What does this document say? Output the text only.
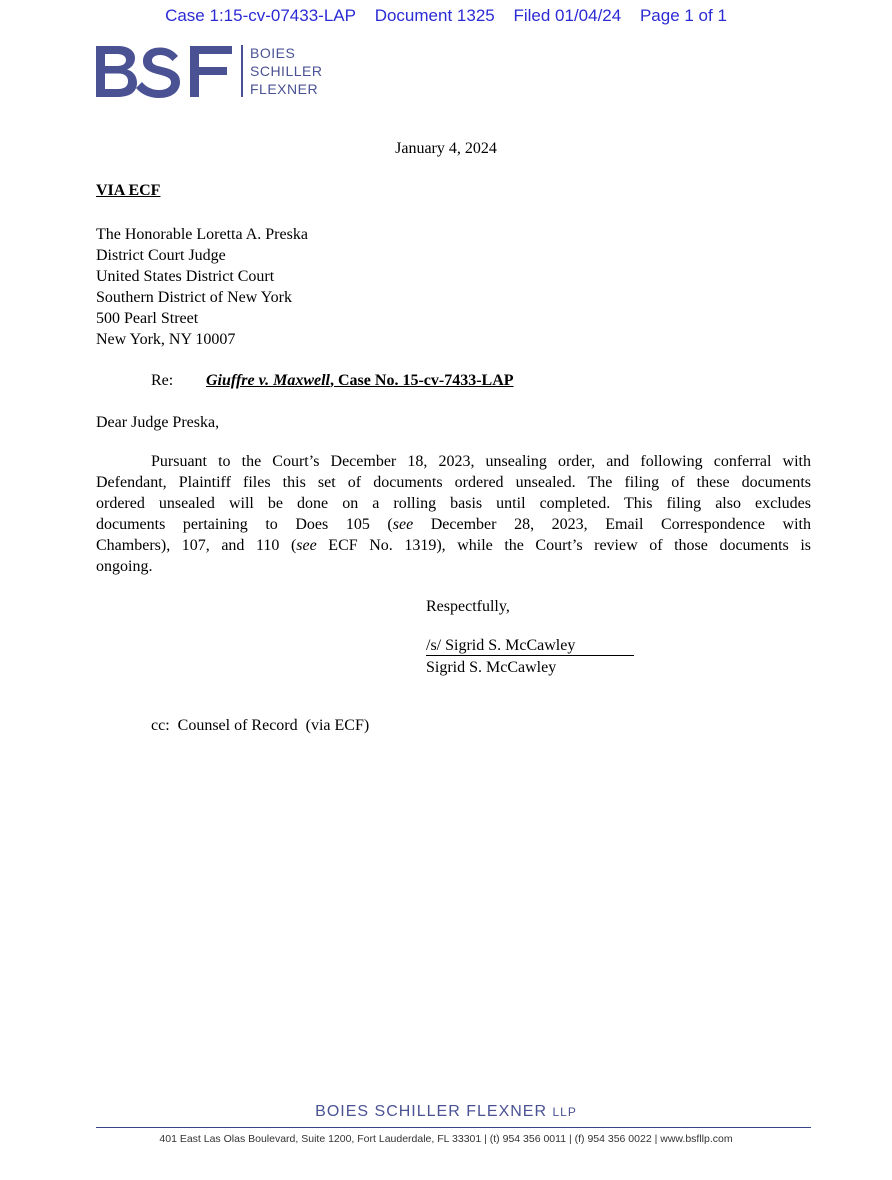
Case 1:15-cv-07433-LAP Document 1325 Filed 01/04/24 Page 1 of 1
BOIES
SCHILLER
FLEXNER
January 4, 2024
VIA ECF
The Honorable Loretta A. Preska
District Court Judge
United States District Court
Southern District of New York
500 Pearl Street
New York, NY 10007
Re: Giuffre v. Maxwell, Case No. 15-cv-7433-LAP
Dear Judge Preska,
Pursuant to the Court’s December 18, 2023, unsealing order, and following conferral with
Defendant, Plaintiff files this set of documents ordered unsealed. The filing of these documents
ordered unsealed will be done on a rolling basis until completed. This filing also excludes
documents pertaining to Does 105 (see December 28, 2023, Email Correspondence with
Chambers), 107, and 110 (see ECF No. 1319), while the Court’s review of those documents is
ongoing.
Respectfully,
/s/ Sigrid S. McCawley
Sigrid S. McCawley
cc:  Counsel of Record  (via ECF)
BOIES SCHILLER FLEXNER LLP
401 East Las Olas Boulevard, Suite 1200, Fort Lauderdale, FL 33301 | (t) 954 356 0011 | (f) 954 356 0022 | www.bsfllp.com
